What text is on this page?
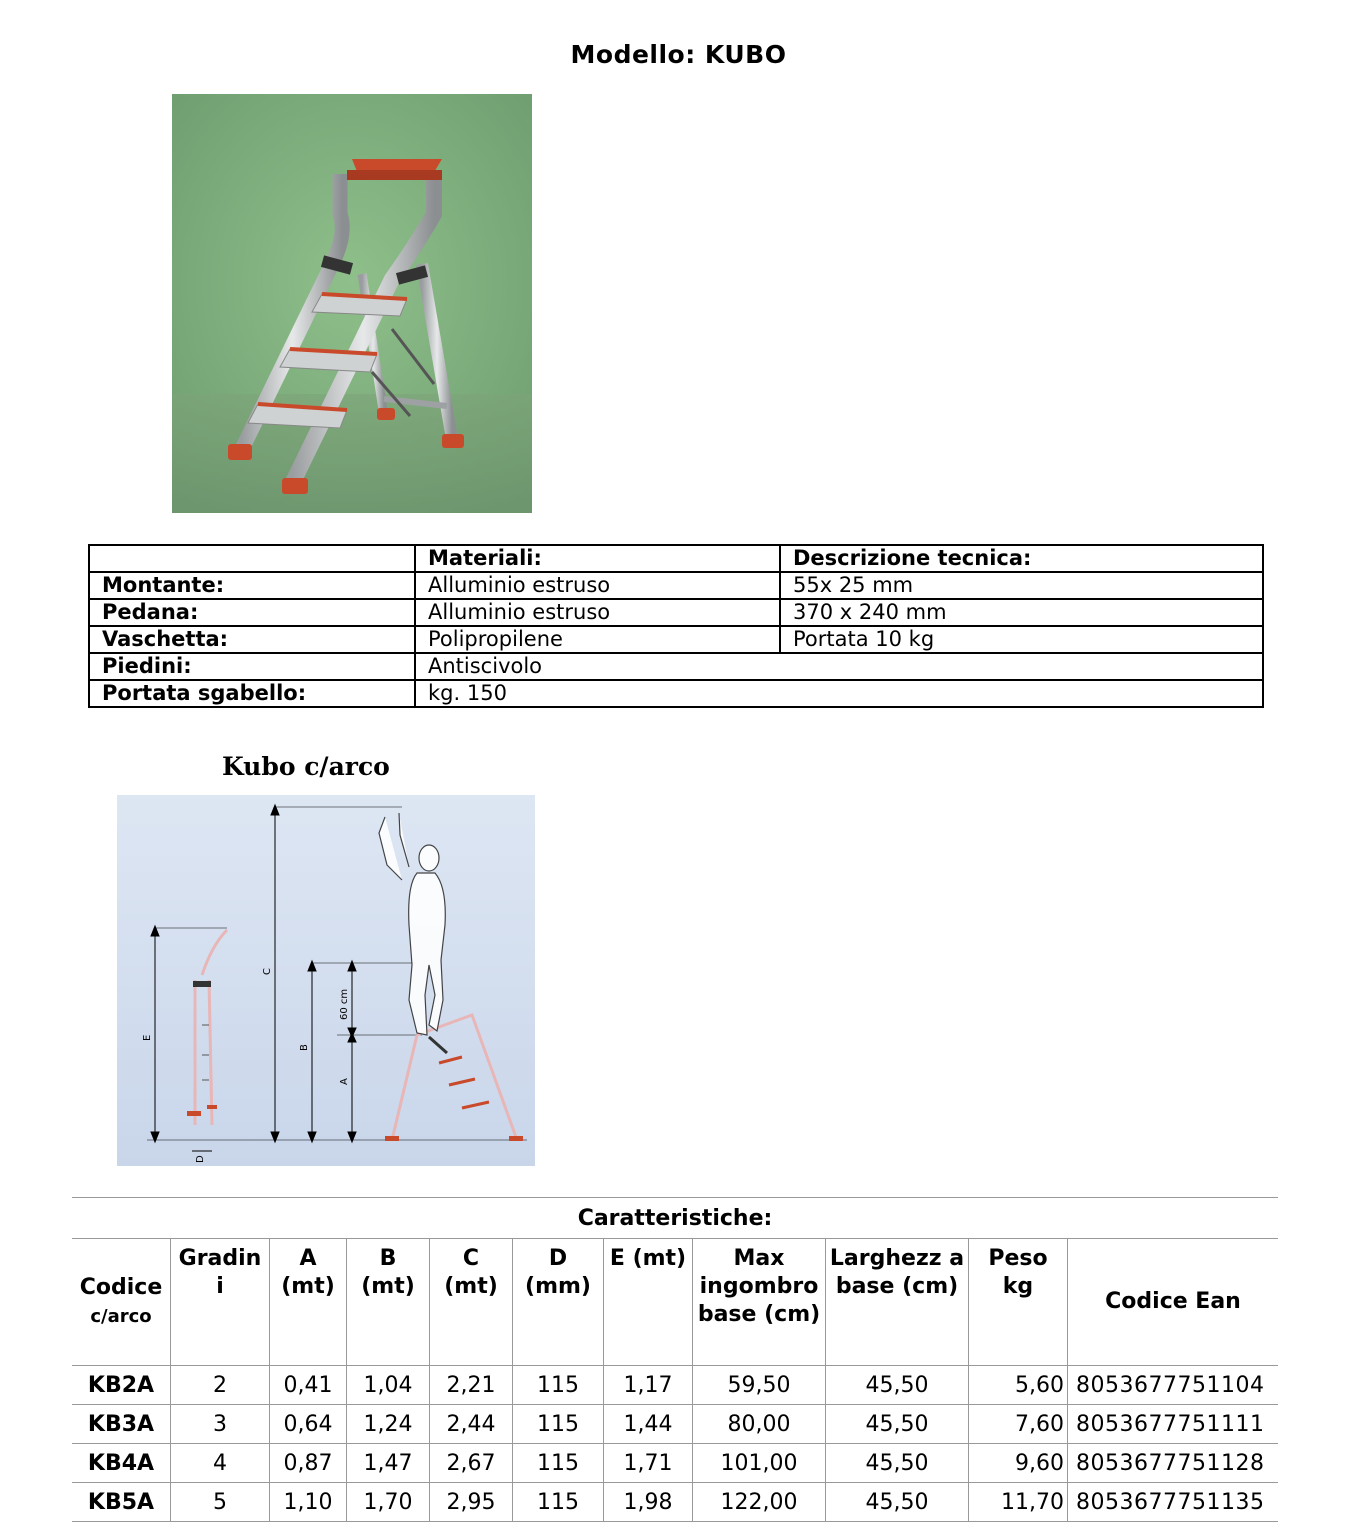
Modello: KUBO
	Materiali:	Descrizione tecnica:
Montante:	Alluminio estruso	55x 25 mm
Pedana:	Alluminio estruso	370 x 240 mm
Vaschetta:	Polipropilene	Portata 10 kg
Piedini:	Antiscivolo	
Portata sgabello:	kg. 150	
Kubo c/arco
E
C
B
60 cm
A
D
Caratteristiche:										
Codice
c/arco	Gradin i	A (mt)	B (mt)	C (mt)	D (mm)	E (mt)	Max ingombro base (cm)	Larghezz a base (cm)	Peso kg	Codice Ean
KB2A	2	0,41	1,04	2,21	115	1,17	59,50	45,50	5,60	8053677751104
KB3A	3	0,64	1,24	2,44	115	1,44	80,00	45,50	7,60	8053677751111
KB4A	4	0,87	1,47	2,67	115	1,71	101,00	45,50	9,60	8053677751128
KB5A	5	1,10	1,70	2,95	115	1,98	122,00	45,50	11,70	8053677751135
